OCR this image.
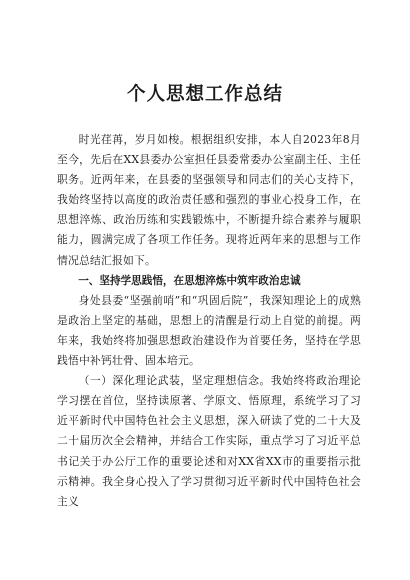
个人思想工作总结

时光荏苒，岁月如梭。根据组织安排，本人自2023年8月至今，先后在XX县委办公室担任县委常委办公室副主任、主任职务。近两年来，在县委的坚强领导和同志们的关心支持下，我始终坚持以高度的政治责任感和强烈的事业心投身工作，在思想淬炼、政治历练和实践锻炼中，不断提升综合素养与履职能力，圆满完成了各项工作任务。现将近两年来的思想与工作情况总结汇报如下。

一、坚持学思践悟，在思想淬炼中筑牢政治忠诚

身处县委“坚强前哨”和“巩固后院”，我深知理论上的成熟是政治上坚定的基础，思想上的清醒是行动上自觉的前提。两年来，我始终将加强思想政治建设作为首要任务，坚持在学思践悟中补钙壮骨、固本培元。

（一）深化理论武装，坚定理想信念。我始终将政治理论学习摆在首位，坚持读原著、学原文、悟原理，系统学习了习近平新时代中国特色社会主义思想，深入研读了党的二十大及二十届历次全会精神，并结合工作实际，重点学习了习近平总书记关于办公厅工作的重要论述和对XX省XX市的重要指示批示精神。我全身心投入了学习贯彻习近平新时代中国特色社会主义
